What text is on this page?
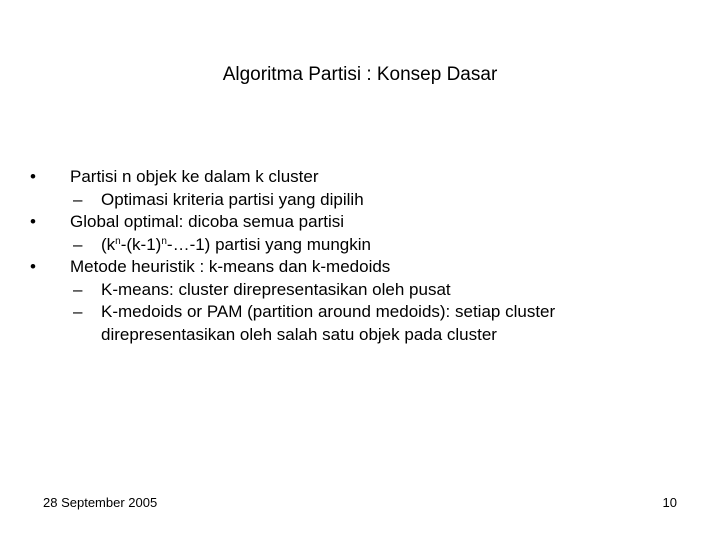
Algoritma Partisi : Konsep Dasar
•	Partisi n objek ke dalam k cluster
– Optimasi kriteria partisi yang dipilih
•	Global optimal: dicoba semua partisi
– $(k^n-(k-1)^n-\dots-1)$ partisi yang mungkin
•	Metode heuristik : k-means dan k-medoids
– K-means: cluster direpresentasikan oleh pusat
– K-medoids or PAM (partition around medoids): setiap cluster
direpresentasikan oleh salah satu objek pada cluster
28 September 2005	10
